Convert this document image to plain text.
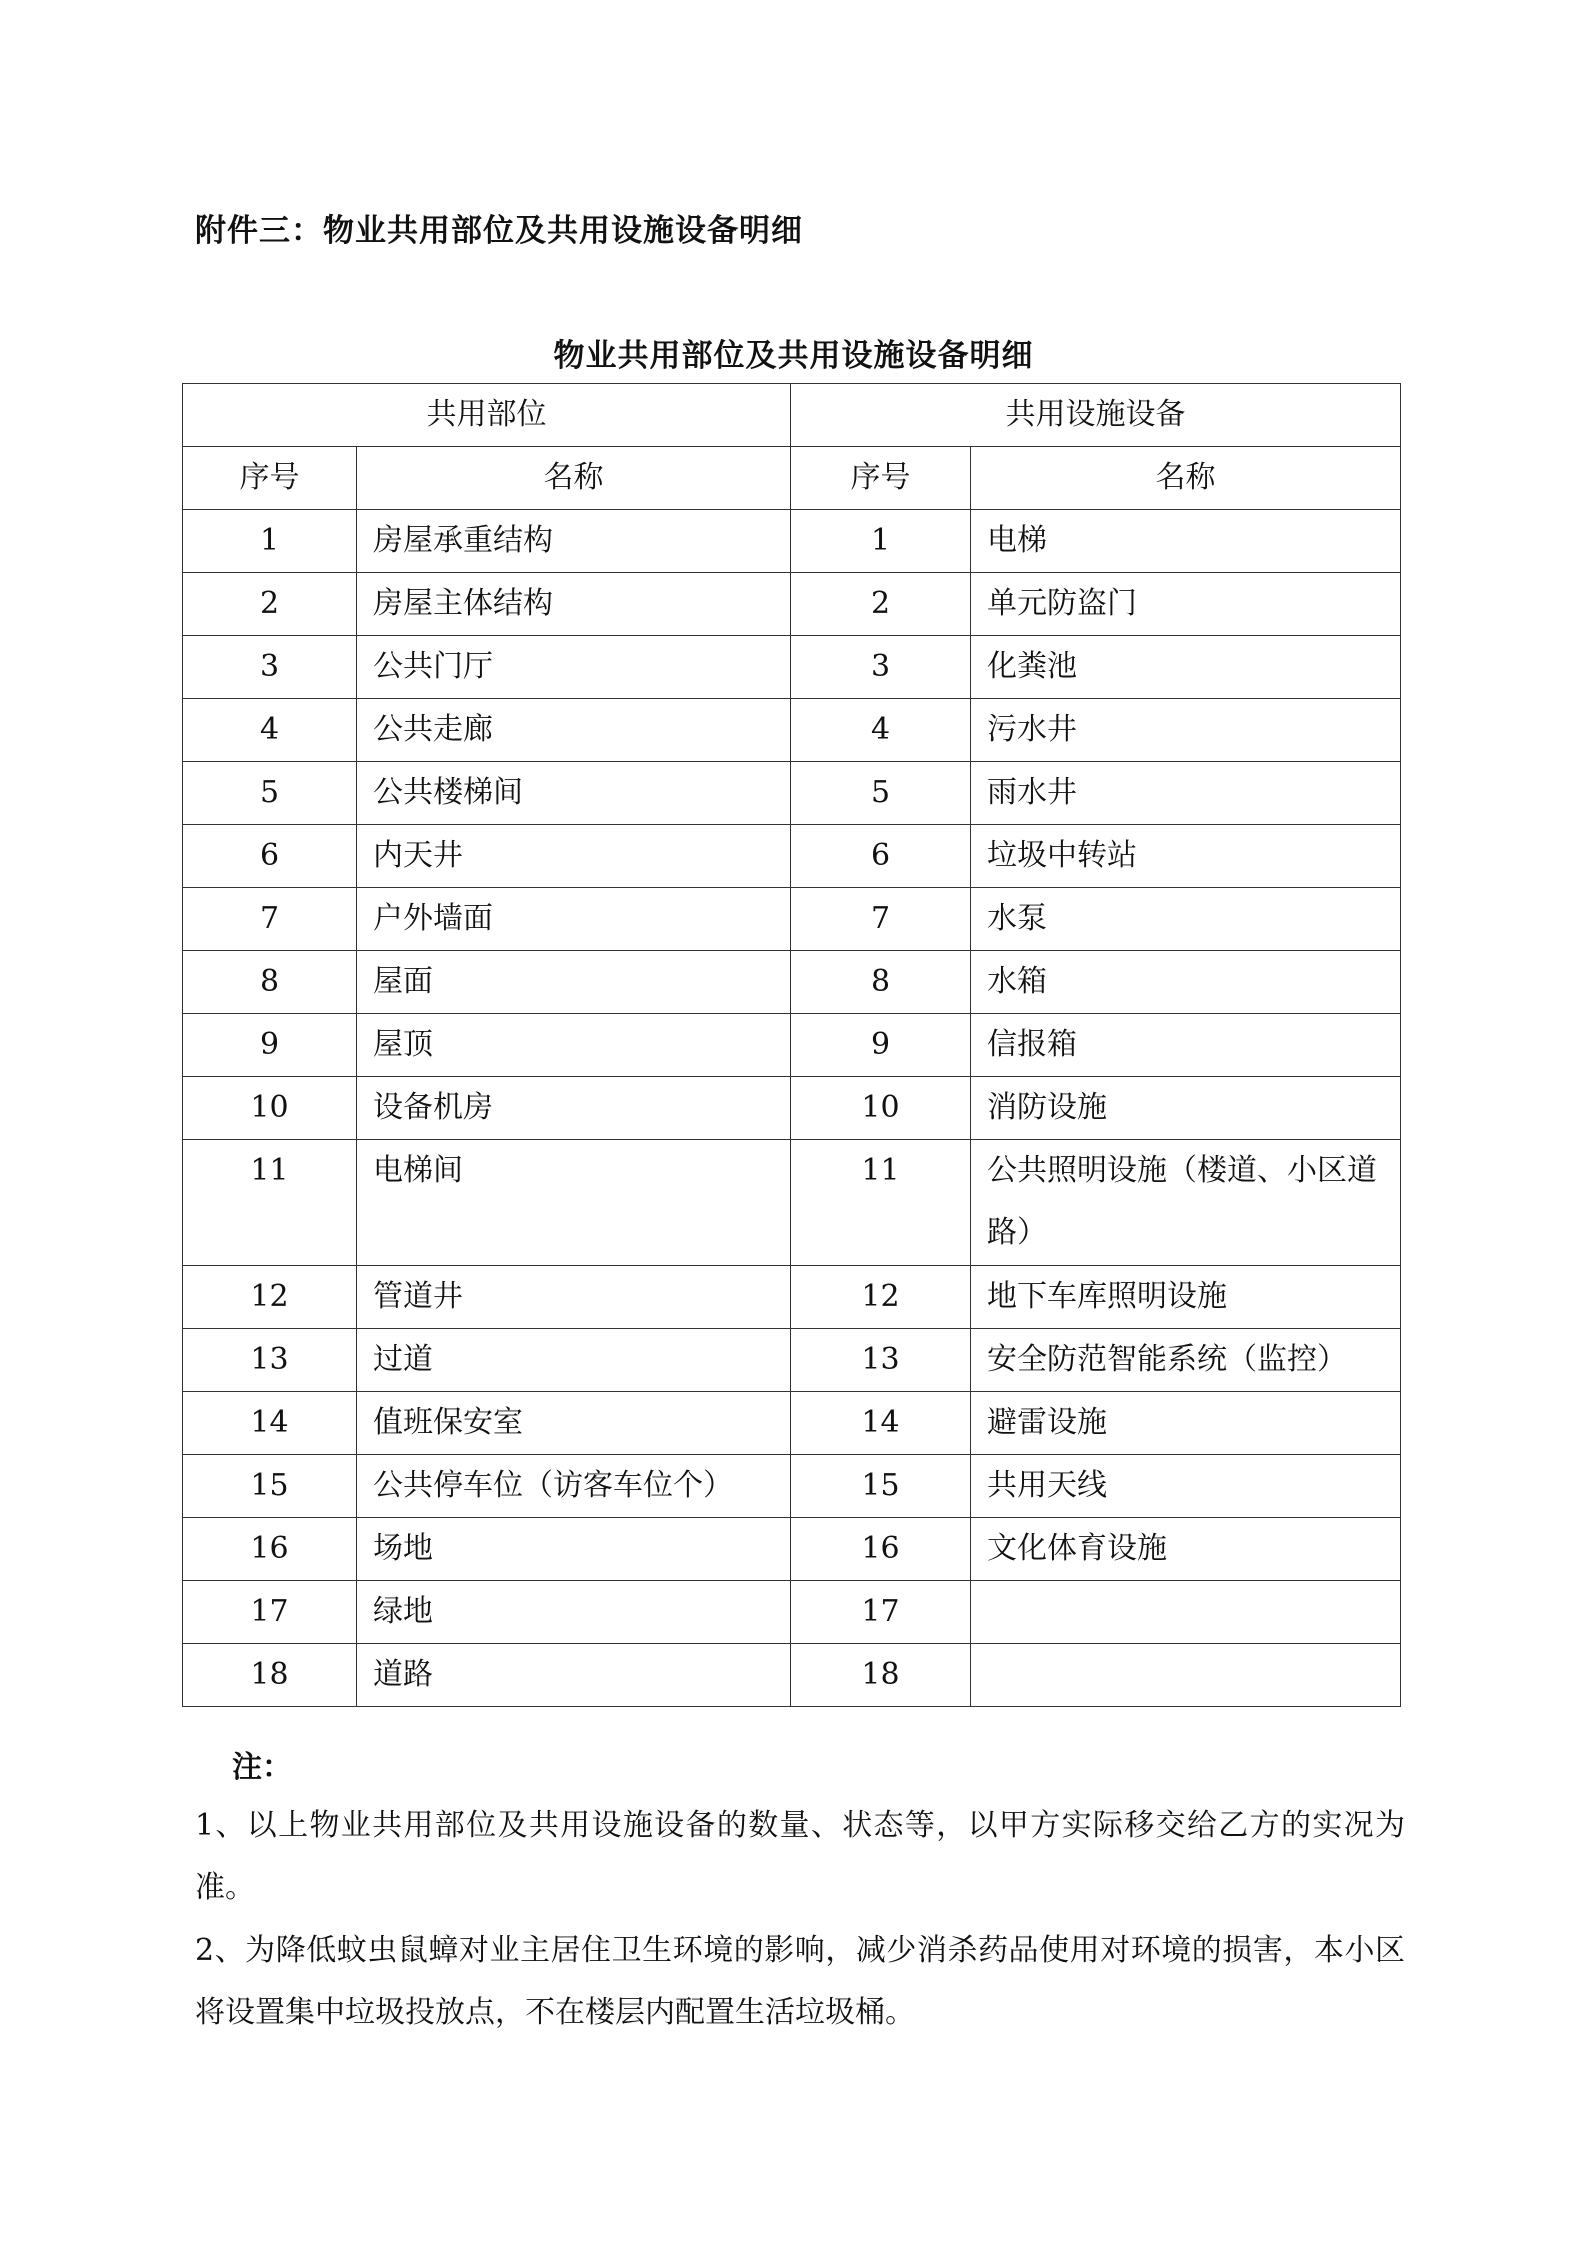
附件三：物业共用部位及共用设施设备明细
物业共用部位及共用设施设备明细
共用部位		共用设施设备	
序号	名称	序号	名称
1	房屋承重结构	1	电梯
2	房屋主体结构	2	单元防盗门
3	公共门厅	3	化粪池
4	公共走廊	4	污水井
5	公共楼梯间	5	雨水井
6	内天井	6	垃圾中转站
7	户外墙面	7	水泵
8	屋面	8	水箱
9	屋顶	9	信报箱
10	设备机房	10	消防设施
11	电梯间	11	公共照明设施（楼道、小区道路）
12	管道井	12	地下车库照明设施
13	过道	13	安全防范智能系统（监控）
14	值班保安室	14	避雷设施
15	公共停车位（访客车位个）	15	共用天线
16	场地	16	文化体育设施
17	绿地	17	
18	道路	18	
注：
1、以上物业共用部位及共用设施设备的数量、状态等，以甲方实际移交给乙方的实况为准。
2、为降低蚊虫鼠蟑对业主居住卫生环境的影响，减少消杀药品使用对环境的损害，本小区将设置集中垃圾投放点，不在楼层内配置生活垃圾桶。
